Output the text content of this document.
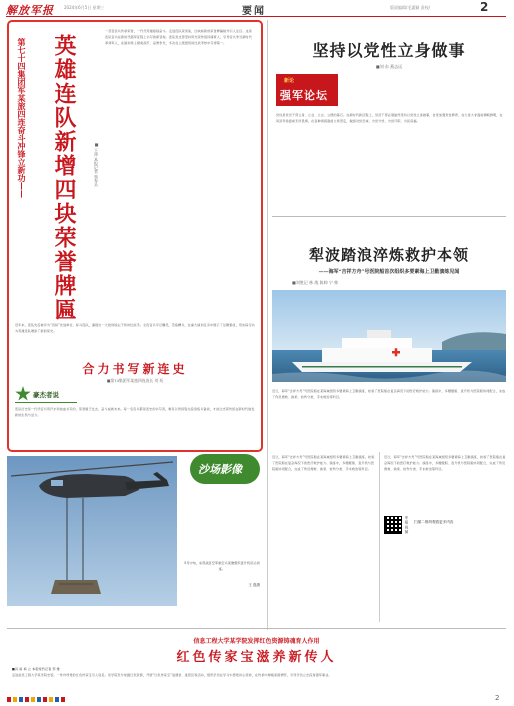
解放军报	2024年6月5日 星期三	要闻	版面编辑/毛惠颖 责校/	2
第七十四集团军某旅四连奋斗冲锋立新功—— 英雄连队新增四块荣誉牌匾	■ 王冲 本报记者 蔡寿兵
一茬茬官兵传承荣誉，一代代英雄接续奋斗。走进连队荣誉室，四块崭新的荣誉牌匾格外引人注目。这是连队官兵在新时代强军征程上书写的新答卷。连队党支部坚持用光荣传统铸魂育人，引导官兵争当新时代革命军人，在演训场上摸爬滚打、奋勇争先，多次在上级组织的比武考核中夺得第一。
近年来，连队先后被评为“四铁”先进单位、标兵连队，涌现出一大批训练尖子和岗位能手。全连官兵牢记嘱托，苦练精兵，在重大演训任务中展示了过硬素质，用实际行动为英雄连队增添了新的荣光。
合力书写新连史
■第74集团军某旅四连连长 刘 珩
豪杰者说
连队历史是一代代官兵用汗水和热血书写的，荣誉属于过去，奋斗成就未来。每一名官兵都是连史的书写者，唯有以昂扬姿态投身练兵备战，才能让光荣传统在新时代焕发新的生机与活力。
坚持以党性立身做事
■刘 东 燕志远
新论
强军论坛
党性是党员干部立身、立业、立言、立德的基石。在新时代新征程上，党员干部必须始终坚持以党性立身做事，自觉加强党性修养，在大是大非面前旗帜鲜明，在风浪考验面前无所畏惧，在各种诱惑面前立场坚定，做到对党忠诚、为党分忧、为党尽职、为民造福。
犁波踏浪淬炼救护本领
——海军“吉祥方舟”号医院船首次组织多要素海上卫勤演练见闻
■刘胜记 林 战 陈帅 宁 帅
近日，海军“吉祥方舟”号医院船在某海域组织多要素海上卫勤演练，检验了医院船在复杂海况下的医疗救护能力。演练中，多艘舰船、直升机与医院船协同配合，完成了伤员搜救、换乘、检伤分类、手术救治等科目。
沙场影像
5月中旬，东部战区空军航空兵某旅组织直升机吊运训练。
王 磊摄
近日，海军“吉祥方舟”号医院船在某海域组织多要素海上卫勤演练，检验了医院船在复杂海况下的医疗救护能力。演练中，多艘舰船、直升机与医院船协同配合，完成了伤员搜救、换乘、检伤分类、手术救治等科目。
军 报 视 频 扫描二维码观看更多内容
近日，海军“吉祥方舟”号医院船在某海域组织多要素海上卫勤演练，检验了医院船在复杂海况下的医疗救护能力。演练中，多艘舰船、直升机与医院船协同配合，完成了伤员搜救、换乘、检伤分类、手术救治等科目。
信息工程大学某学院发挥红色资源铸魂育人作用
红色传家宝滋养新传人
■冯 雨 杨 立 本报特约记者 邹 维
走进信息工程大学某学院史馆，一件件珍贵的红色传家宝引人驻足。该学院充分挖掘红色资源，开展“红色传家宝”进课堂、进营区等活动，组织学员在学习中感悟初心使命，在传承中厚植家国情怀，引导学员立志投身强军事业。
2
